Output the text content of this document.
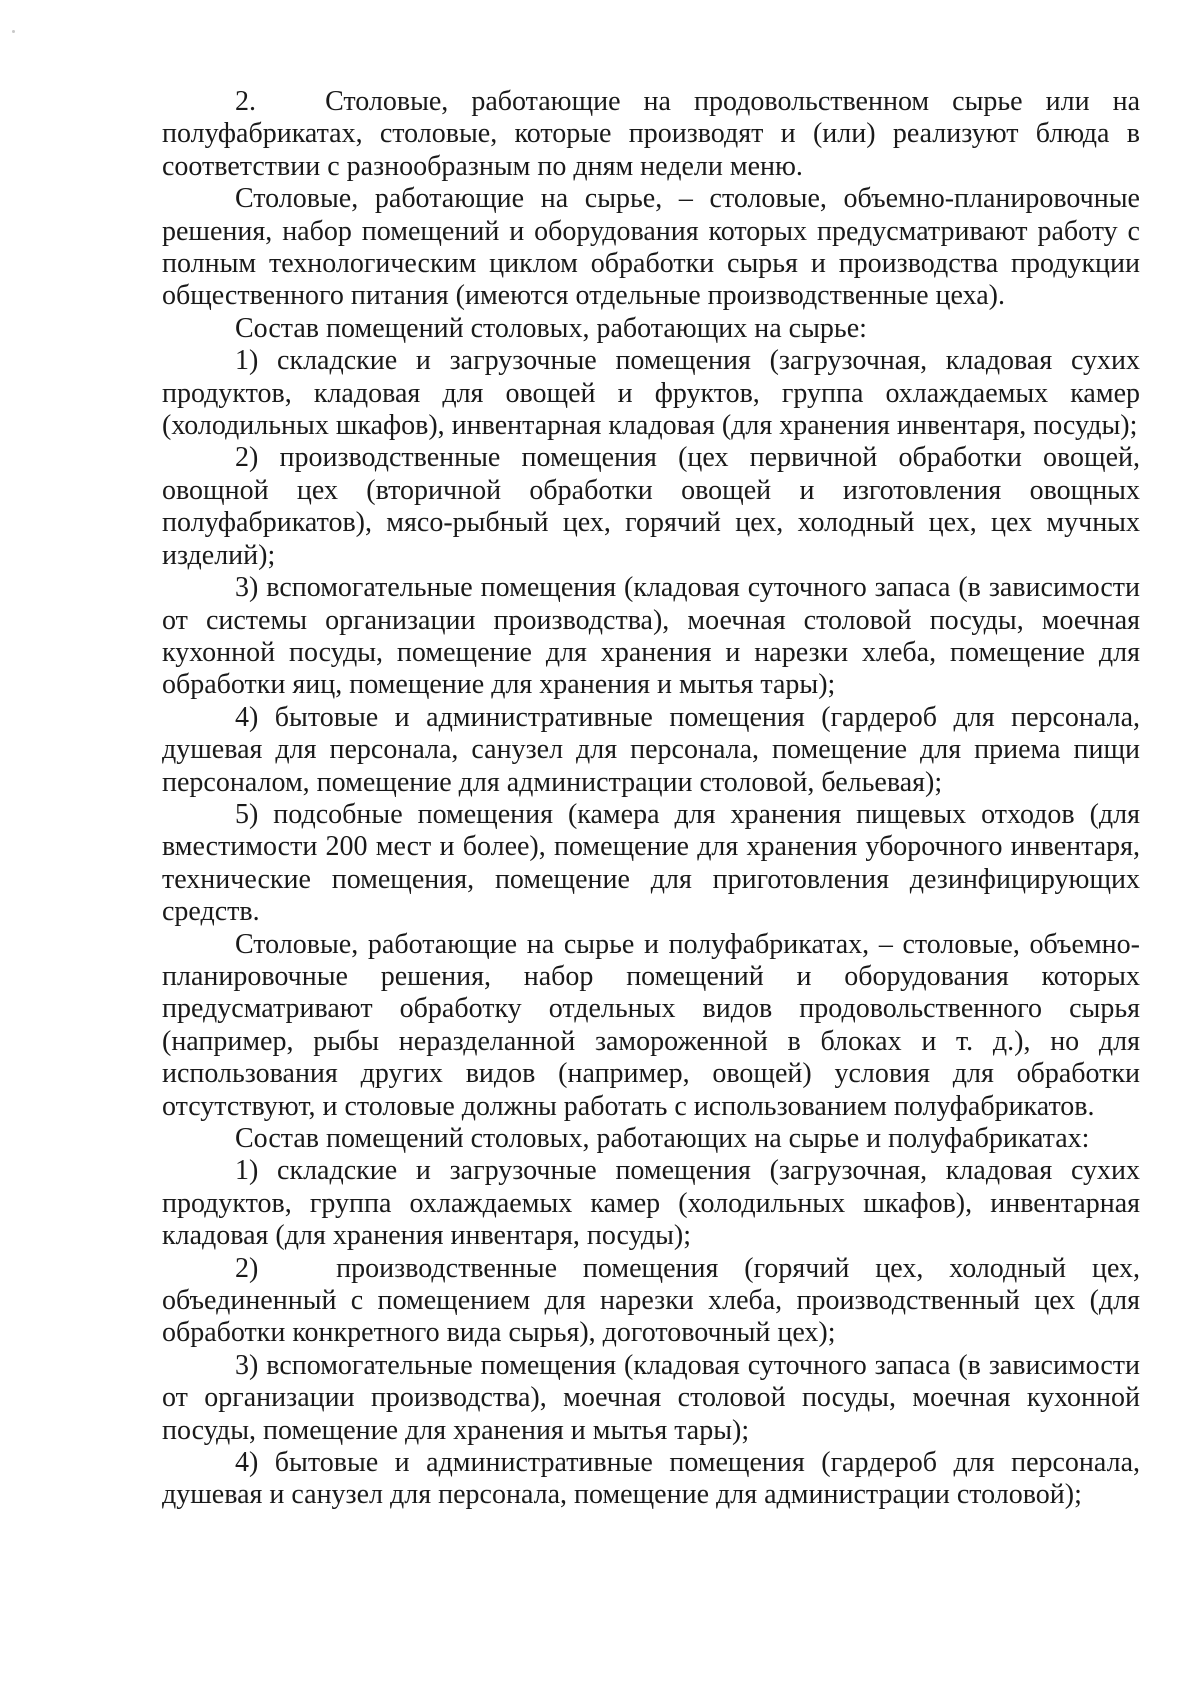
2.   Столовые, работающие на продовольственном сырье или на полуфабрикатах, столовые, которые производят и (или) реализуют блюда в соответствии с разнообразным по дням недели меню.

Столовые, работающие на сырье, – столовые, объемно-планировочные решения, набор помещений и оборудования которых предусматривают работу с полным технологическим циклом обработки сырья и производства продукции общественного питания (имеются отдельные производственные цеха).

Состав помещений столовых, работающих на сырье:

1) складские и загрузочные помещения (загрузочная, кладовая сухих продуктов, кладовая для овощей и фруктов, группа охлаждаемых камер (холодильных шкафов), инвентарная кладовая (для хранения инвентаря, посуды);

2) производственные помещения (цех первичной обработки овощей, овощной цех (вторичной обработки овощей и изготовления овощных полуфабрикатов), мясо-рыбный цех, горячий цех, холодный цех, цех мучных изделий);

3) вспомогательные помещения (кладовая суточного запаса (в зависимости от системы организации производства), моечная столовой посуды, моечная кухонной посуды, помещение для хранения и нарезки хлеба, помещение для обработки яиц, помещение для хранения и мытья тары);

4) бытовые и административные помещения (гардероб для персонала, душевая для персонала, санузел для персонала, помещение для приема пищи персоналом, помещение для администрации столовой, бельевая);

5) подсобные помещения (камера для хранения пищевых отходов (для вместимости 200 мест и более), помещение для хранения уборочного инвентаря, технические помещения, помещение для приготовления дезинфицирующих средств.

Столовые, работающие на сырье и полуфабрикатах, – столовые, объемно-планировочные решения, набор помещений и оборудования которых предусматривают обработку отдельных видов продовольственного сырья (например, рыбы неразделанной замороженной в блоках и т. д.), но для использования других видов (например, овощей) условия для обработки отсутствуют, и столовые должны работать с использованием полуфабрикатов.

Состав помещений столовых, работающих на сырье и полуфабрикатах:

1) складские и загрузочные помещения (загрузочная, кладовая сухих продуктов, группа охлаждаемых камер (холодильных шкафов), инвентарная кладовая (для хранения инвентаря, посуды);

2)   производственные помещения (горячий цех, холодный цех, объединенный с помещением для нарезки хлеба, производственный цех (для обработки конкретного вида сырья), доготовочный цех);

3) вспомогательные помещения (кладовая суточного запаса (в зависимости от организации производства), моечная столовой посуды, моечная кухонной посуды, помещение для хранения и мытья тары);

4) бытовые и административные помещения (гардероб для персонала, душевая и санузел для персонала, помещение для администрации столовой);
